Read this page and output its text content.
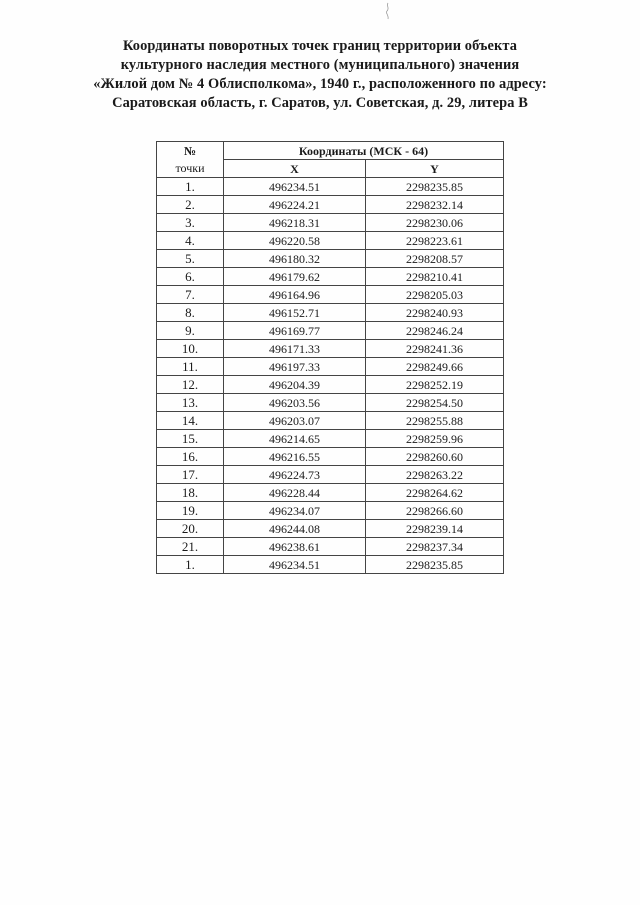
Координаты поворотных точек границ территории объекта
культурного наследия местного (муниципального) значения
«Жилой дом № 4 Облисполкома», 1940 г., расположенного по адресу:
Саратовская область, г. Саратов, ул. Советская, д. 29, литера В
№
точки	Координаты (МСК - 64)	
	X	Y
1.	496234.51	2298235.85
2.	496224.21	2298232.14
3.	496218.31	2298230.06
4.	496220.58	2298223.61
5.	496180.32	2298208.57
6.	496179.62	2298210.41
7.	496164.96	2298205.03
8.	496152.71	2298240.93
9.	496169.77	2298246.24
10.	496171.33	2298241.36
11.	496197.33	2298249.66
12.	496204.39	2298252.19
13.	496203.56	2298254.50
14.	496203.07	2298255.88
15.	496214.65	2298259.96
16.	496216.55	2298260.60
17.	496224.73	2298263.22
18.	496228.44	2298264.62
19.	496234.07	2298266.60
20.	496244.08	2298239.14
21.	496238.61	2298237.34
1.	496234.51	2298235.85
